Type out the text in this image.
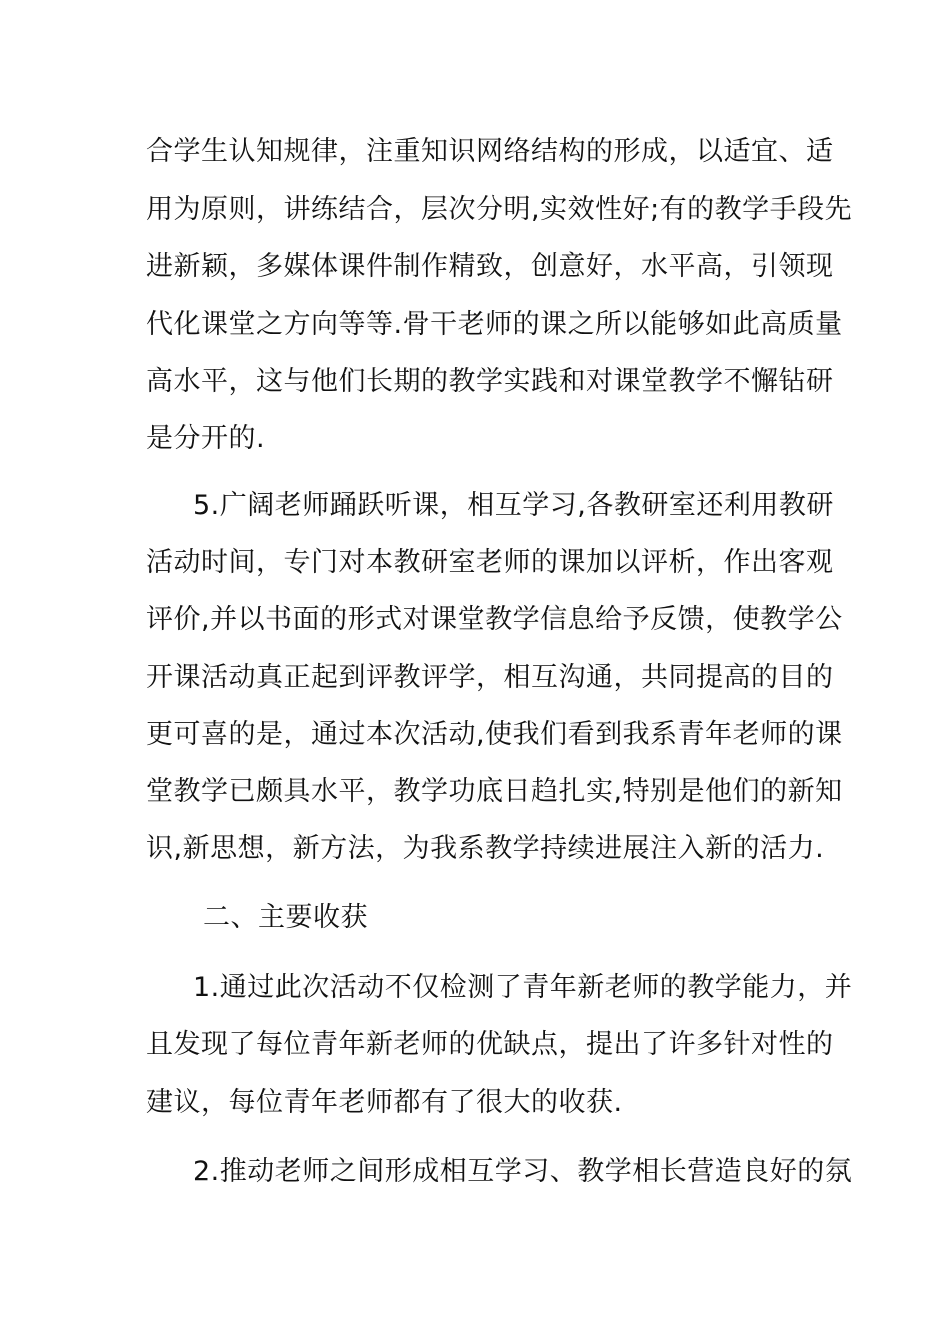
合学生认知规律，注重知识网络结构的形成，以适宜、适
用为原则，讲练结合，层次分明,实效性好;有的教学手段先
进新颖，多媒体课件制作精致，创意好，水平高，引领现
代化课堂之方向等等.骨干老师的课之所以能够如此高质量
高水平，这与他们长期的教学实践和对课堂教学不懈钻研
是分开的.
5.广阔老师踊跃听课，相互学习,各教研室还利用教研
活动时间，专门对本教研室老师的课加以评析，作出客观
评价,并以书面的形式对课堂教学信息给予反馈，使教学公
开课活动真正起到评教评学，相互沟通，共同提高的目的
更可喜的是，通过本次活动,使我们看到我系青年老师的课
堂教学已颇具水平，教学功底日趋扎实,特别是他们的新知
识,新思想，新方法，为我系教学持续进展注入新的活力.
二、主要收获
1.通过此次活动不仅检测了青年新老师的教学能力，并
且发现了每位青年新老师的优缺点，提出了许多针对性的
建议，每位青年老师都有了很大的收获.
2.推动老师之间形成相互学习、教学相长营造良好的氛
